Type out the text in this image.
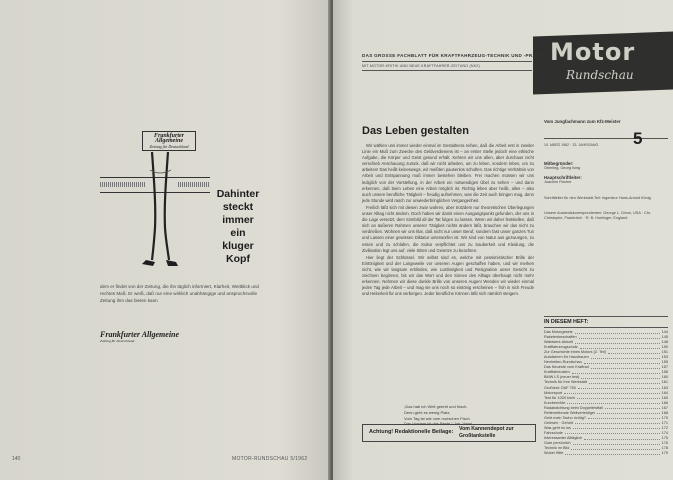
Frankfurter Allgemeine
Zeitung für Deutschland
Dahinter
steckt
immer
ein
kluger
Kopf
dem er findet von der Zeitung, die ihn täglich informiert, Klarheit, Weitblick und rechtes Maß. Er weiß, daß nur eine wirklich unabhängige und anspruchsvolle Zeitung ihm das bieten kann
Frankfurter Allgemeine
Zeitung für Deutschland
140	MOTOR-RUNDSCHAU 5/1962
Motor
Rundschau
DAS GROSSE FACHBLATT FÜR KRAFTFAHRZEUG-TECHNIK UND -PRAXIS
MIT MOTOR-KRITIK UND NEUE KRAFTFAHRER-ZEITUNG (NKZ)
Vom Jungfachmann zum Kfz-Meister
10. MÄRZ 1962 · 33. JAHRGANG 5
Das Leben gestalten

Wir wählen uns immer wieder einmal im Gestaltnera reihen, daß die Arbeit erst in zweiter Linie ein Muß zum Zwecke des Geldverdienens ist – an erster Stelle jedoch eine ethische Aufgabe, die Körper und Geist gesund erhält. Kehren wir uns allen, aber durchaus nicht verschieb Anschauung zurück, daß wir nicht arbeiten, um zu leben, sondern leben, um zu arbeiten! Das heißt keineswegs, wir meißten pausenlos schuften. Das richtige Verhältnis von Arbeit und Entspannung muß immer bestehen bleiben. Frei machen müssen wir uns lediglich von der Vorstellung, in der Arbeit ein notwendiges Übel zu sehen – und dann erkennen, daß beim Leben eine Arbeit möglich ist. Richtig leben aber heißt, alles – also auch unsere berufliche Tätigkeit – freudig aufnehmen, was die Zeit auch bringen mag, denn jede Stunde wird rasch zur unwiederbringlichen Vergangenheit.

Freilich läßt sich mit diesen zwar wahren, aber trotzdem nur theoretischen Überlegungen unser Alltag nicht ändern. Doch haben wir damit einen Ausgangspunkt gefunden, der uns in die Lage versetzt, dem Sinnbild all der Tat folgen zu lassen. Wenn wir daher feststellen, daß sich an äußeren Rahmen unserer Tätigkeit nichts ändern läßt, brauchen wir das nicht zu verdrießen. Wohnen wir uns klar, daß nicht nur unser Beruf, sondern fast unser ganzes Tun und Lassen einer gewissen Diktatur unterworfen ist. Wir sind von Natur aus gezwungen, zu essen und zu schlafen, die Kultur verpflichtet uns zu Sauberkeit und Kleidung, die Zivilisation legt uns auf, viele Sitten und Gesetze zu beachten.

Hier liegt der Schlüssel. Wir selbst sind es, welche mit pessimistischer Brille der Eintönigkeit und der Langeweile vor unseren Augen geschaffen haben, und wir merken nicht, wie wir langsam erblinden, wie Lustlosigkeit und Resignation unser Gesicht zu zeichnen beginnen, bis wir das Wort und den Sinnen des Alltags überhaupt nicht mehr erkennen. Nehmen wir diese dunkle Brille von unseren Augen! Wenden wir wieder einmal jeden Tag jede Arbeit – und mag sie uns noch so eintönig erscheinen – froh in sich Freude und Heiterkeit für uns verbergen. Jeder berufliche Können läßt sich nämlich steigern.

„Das hab ich Welt geerbt und frisch.
Denn geht es wenig Platz,
Vom Tag ist wie vom morschen Fisch
Das Vordere ist das Beste." Joh. Vossi
Achtung! Redaktionelle Beilage: Vom Kannendepot zur Großtankstelle
Mitbegründer:
Oberling, Georg Ising
Hauptschriftleiter:
Joachim Fischer
Schriftleiter für den Werkstatt-Teil: Ingenieur Hans-Arnold König
Unsere Auslandskorrespondenten: George L. Dixon, USA · Chr. Christophe, Frankreich · R. B. Hoelinger, England
IN DIESEM HEFT:
Das Motorgesetz	144
Raketenbeschaffen	145
Waidwerk-Aktuell	148
Kraftfahrzeugschutz	150
Zur Geschichte eines Motors (2. Teil)	151
Autofahren für Hausfrauen	153
Neuheiten-Rundschau	155
Das Neueste vom Kraftrad	157
Kraftfahrkosten	158
BMW LS (neuer test)	160
Technik für Ihre Werkstatt	161
Großtest: DAF 750	163
Motorsport	164
Test für 1000 km/h	165
Kurzberichte	166
Radabdichtung beim Doppeltestfall	167
Reifenrettende Weltverteidiger	168
Geht mein Tacho richtig?	170
Gelesen · Gehört	171
Was geht es los	172
Fahrschule	174
Interessanter Alltäglich	175
Gute persönlich	176
Technik im Bild	178
Wobei Hilfe	179
